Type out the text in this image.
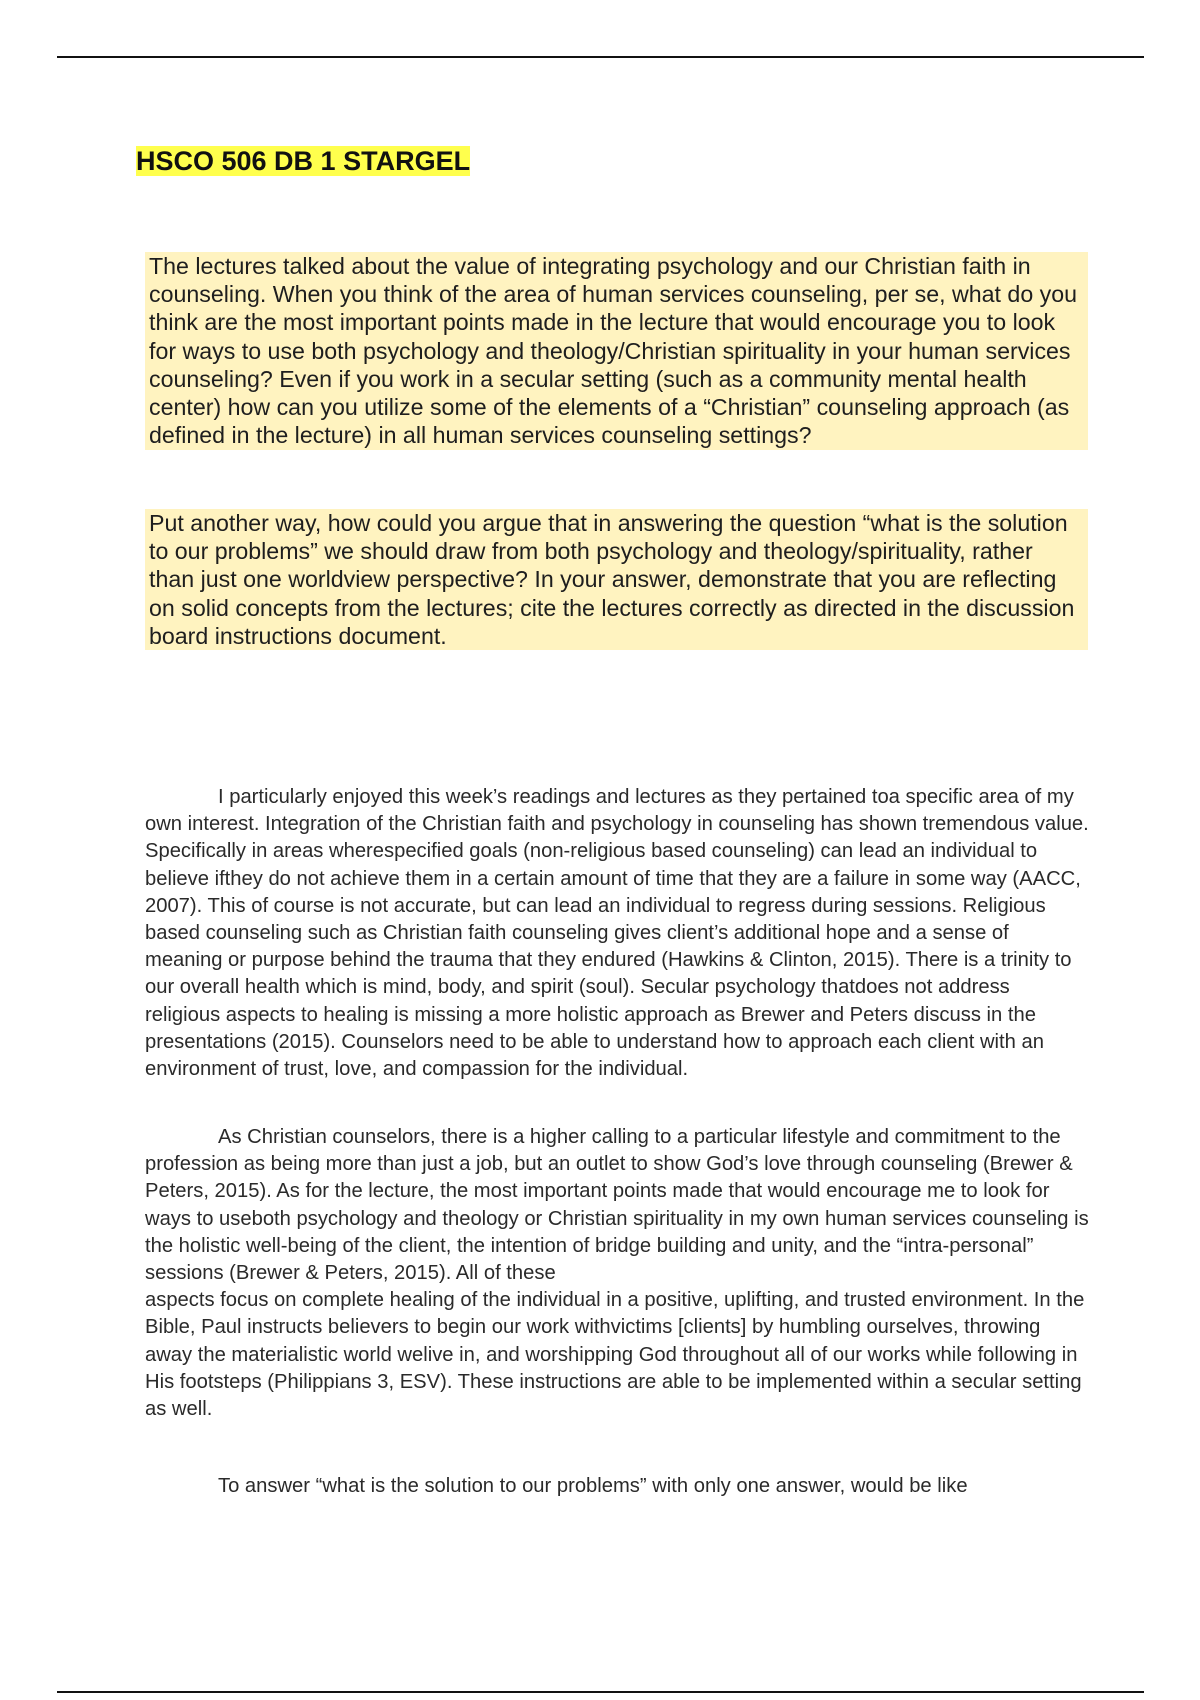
HSCO 506 DB 1 STARGEL
The lectures talked about the value of integrating psychology and our Christian faith in counseling. When you think of the area of human services counseling, per se, what do you think are the most important points made in the lecture that would encourage you to look for ways to use both psychology and theology/Christian spirituality in your human services counseling? Even if you work in a secular setting (such as a community mental health center) how can you utilize some of the elements of a “Christian” counseling approach (as defined in the lecture) in all human services counseling settings?
Put another way, how could you argue that in answering the question “what is the solution to our problems” we should draw from both psychology and theology/spirituality, rather than just one worldview perspective? In your answer, demonstrate that you are reflecting on solid concepts from the lectures; cite the lectures correctly as directed in the discussion board instructions document.

I particularly enjoyed this week’s readings and lectures as they pertained toa specific area of my own interest. Integration of the Christian faith and psychology in counseling has shown tremendous value. Specifically in areas wherespecified goals (non-religious based counseling) can lead an individual to believe ifthey do not achieve them in a certain amount of time that they are a failure in some way (AACC, 2007). This of course is not accurate, but can lead an individual to regress during sessions. Religious based counseling such as Christian faith counseling gives client’s additional hope and a sense of meaning or purpose behind the trauma that they endured (Hawkins & Clinton, 2015). There is a trinity to our overall health which is mind, body, and spirit (soul). Secular psychology thatdoes not address religious aspects to healing is missing a more holistic approach as Brewer and Peters discuss in the presentations (2015). Counselors need to be able to understand how to approach each client with an environment of trust, love, and compassion for the individual.

As Christian counselors, there is a higher calling to a particular lifestyle and commitment to the profession as being more than just a job, but an outlet to show God’s love through counseling (Brewer & Peters, 2015). As for the lecture, the most important points made that would encourage me to look for ways to useboth psychology and theology or Christian spirituality in my own human services counseling is the holistic well-being of the client, the intention of bridge building and unity, and the “intra-personal” sessions (Brewer & Peters, 2015). All of these

aspects focus on complete healing of the individual in a positive, uplifting, and trusted environment. In the Bible, Paul instructs believers to begin our work withvictims [clients] by humbling ourselves, throwing away the materialistic world welive in, and worshipping God throughout all of our works while following in His footsteps (Philippians 3, ESV). These instructions are able to be implemented within a secular setting as well.

To answer “what is the solution to our problems” with only one answer, would be like
